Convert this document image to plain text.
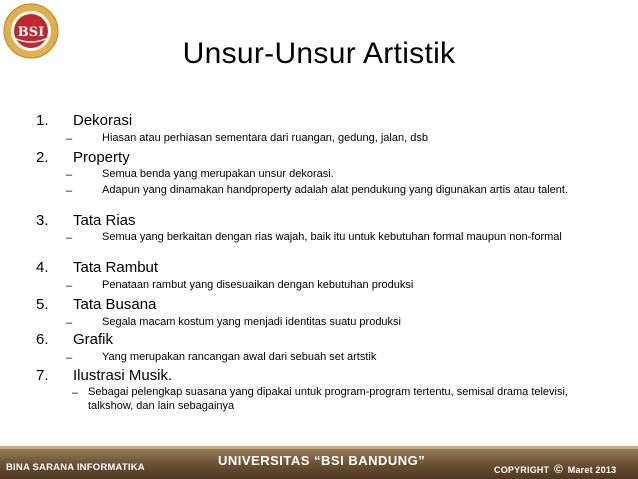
BSI
Unsur-Unsur Artistik
1. Dekorasi
–	Hiasan atau perhiasan sementara dari ruangan, gedung, jalan, dsb
2. Property
–	Semua benda yang merupakan unsur dekorasi.
–	Adapun yang dinamakan handproperty adalah alat pendukung yang digunakan artis atau talent.
3. Tata Rias
–	Semua yang berkaitan dengan rias wajah, baik itu untuk kebutuhan formal maupun non-formal
4. Tata Rambut
–	Penataan rambut yang disesuaikan dengan kebutuhan produksi
5. Tata Busana
–	Segala macam kostum yang menjadi identitas suatu produksi
6. Grafik
–	Yang merupakan rancangan awal dari sebuah set artstik
7. Ilustrasi Musik.
– Sebagai pelengkap suasana yang dipakai untuk program-program tertentu, semisal drama televisi, talkshow, dan lain sebagainya
BINA SARANA INFORMATIKA	UNIVERSITAS “BSI BANDUNG”
COPYRIGHT © Maret 2013
